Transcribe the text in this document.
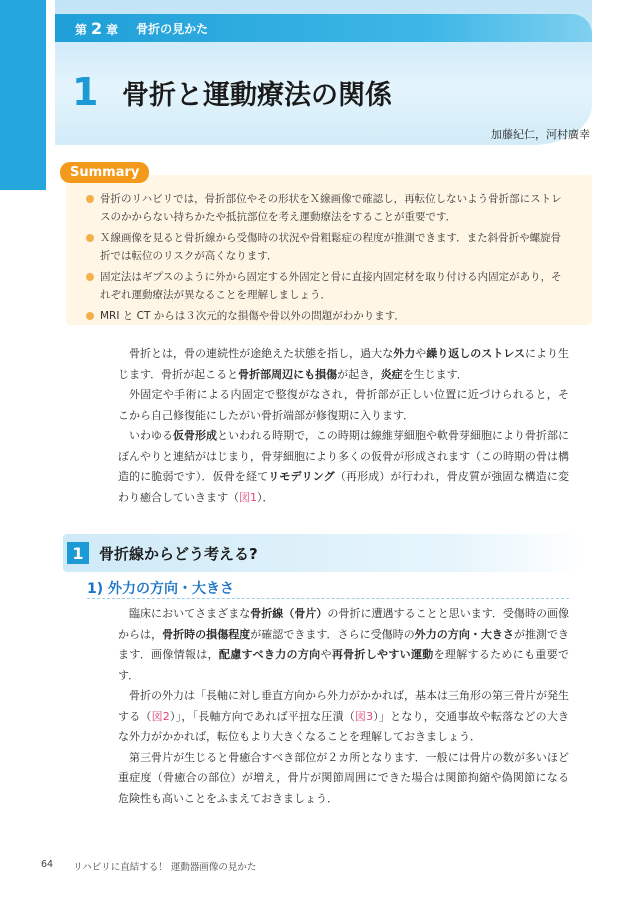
第 2 章 骨折の見かた
1 骨折と運動療法の関係
加藤紀仁，河村廣幸
Summary
骨折のリハビリでは，骨折部位やその形状をＸ線画像で確認し，再転位しないよう骨折部にストレスのかからない持ちかたや抵抗部位を考え運動療法をすることが重要です．
Ｘ線画像を見ると骨折線から受傷時の状況や骨粗鬆症の程度が推測できます．また斜骨折や螺旋骨折では転位のリスクが高くなります．
固定法はギプスのように外から固定する外固定と骨に直接内固定材を取り付ける内固定があり，それぞれ運動療法が異なることを理解しましょう．
MRI と CT からは３次元的な損傷や骨以外の問題がわかります．

骨折とは，骨の連続性が途絶えた状態を指し，過大な外力や繰り返しのストレスにより生じます．骨折が起こると骨折部周辺にも損傷が起き，炎症を生じます．

外固定や手術による内固定で整復がなされ，骨折部が正しい位置に近づけられると，そこから自己修復能にしたがい骨折端部が修復期に入ります．

いわゆる仮骨形成といわれる時期で，この時期は線維芽細胞や軟骨芽細胞により骨折部にぼんやりと連結がはじまり，骨芽細胞により多くの仮骨が形成されます（この時期の骨は構造的に脆弱です）．仮骨を経てリモデリング（再形成）が行われ，骨皮質が強固な構造に変わり癒合していきます（図1）．

1	骨折線からどう考える?
1) 外力の方向・大きさ

臨床においてさまざまな骨折線（骨片）の骨折に遭遇することと思います．受傷時の画像からは，骨折時の損傷程度が確認できます．さらに受傷時の外力の方向・大きさが推測できます．画像情報は，配慮すべき力の方向や再骨折しやすい運動を理解するためにも重要です．

骨折の外力は「長軸に対し垂直方向から外力がかかれば，基本は三角形の第三骨片が発生する（図2）」，「長軸方向であれば平扭な圧潰（図3）」となり，交通事故や転落などの大きな外力がかかれば，転位もより大きくなることを理解しておきましょう．

第三骨片が生じると骨癒合すべき部位が２カ所となります．一般には骨片の数が多いほど重症度（骨癒合の部位）が増え，骨片が関節周囲にできた場合は関節拘縮や偽関節になる危険性も高いことをふまえておきましょう．

64 リハビリに直結する！ 運動器画像の見かた
